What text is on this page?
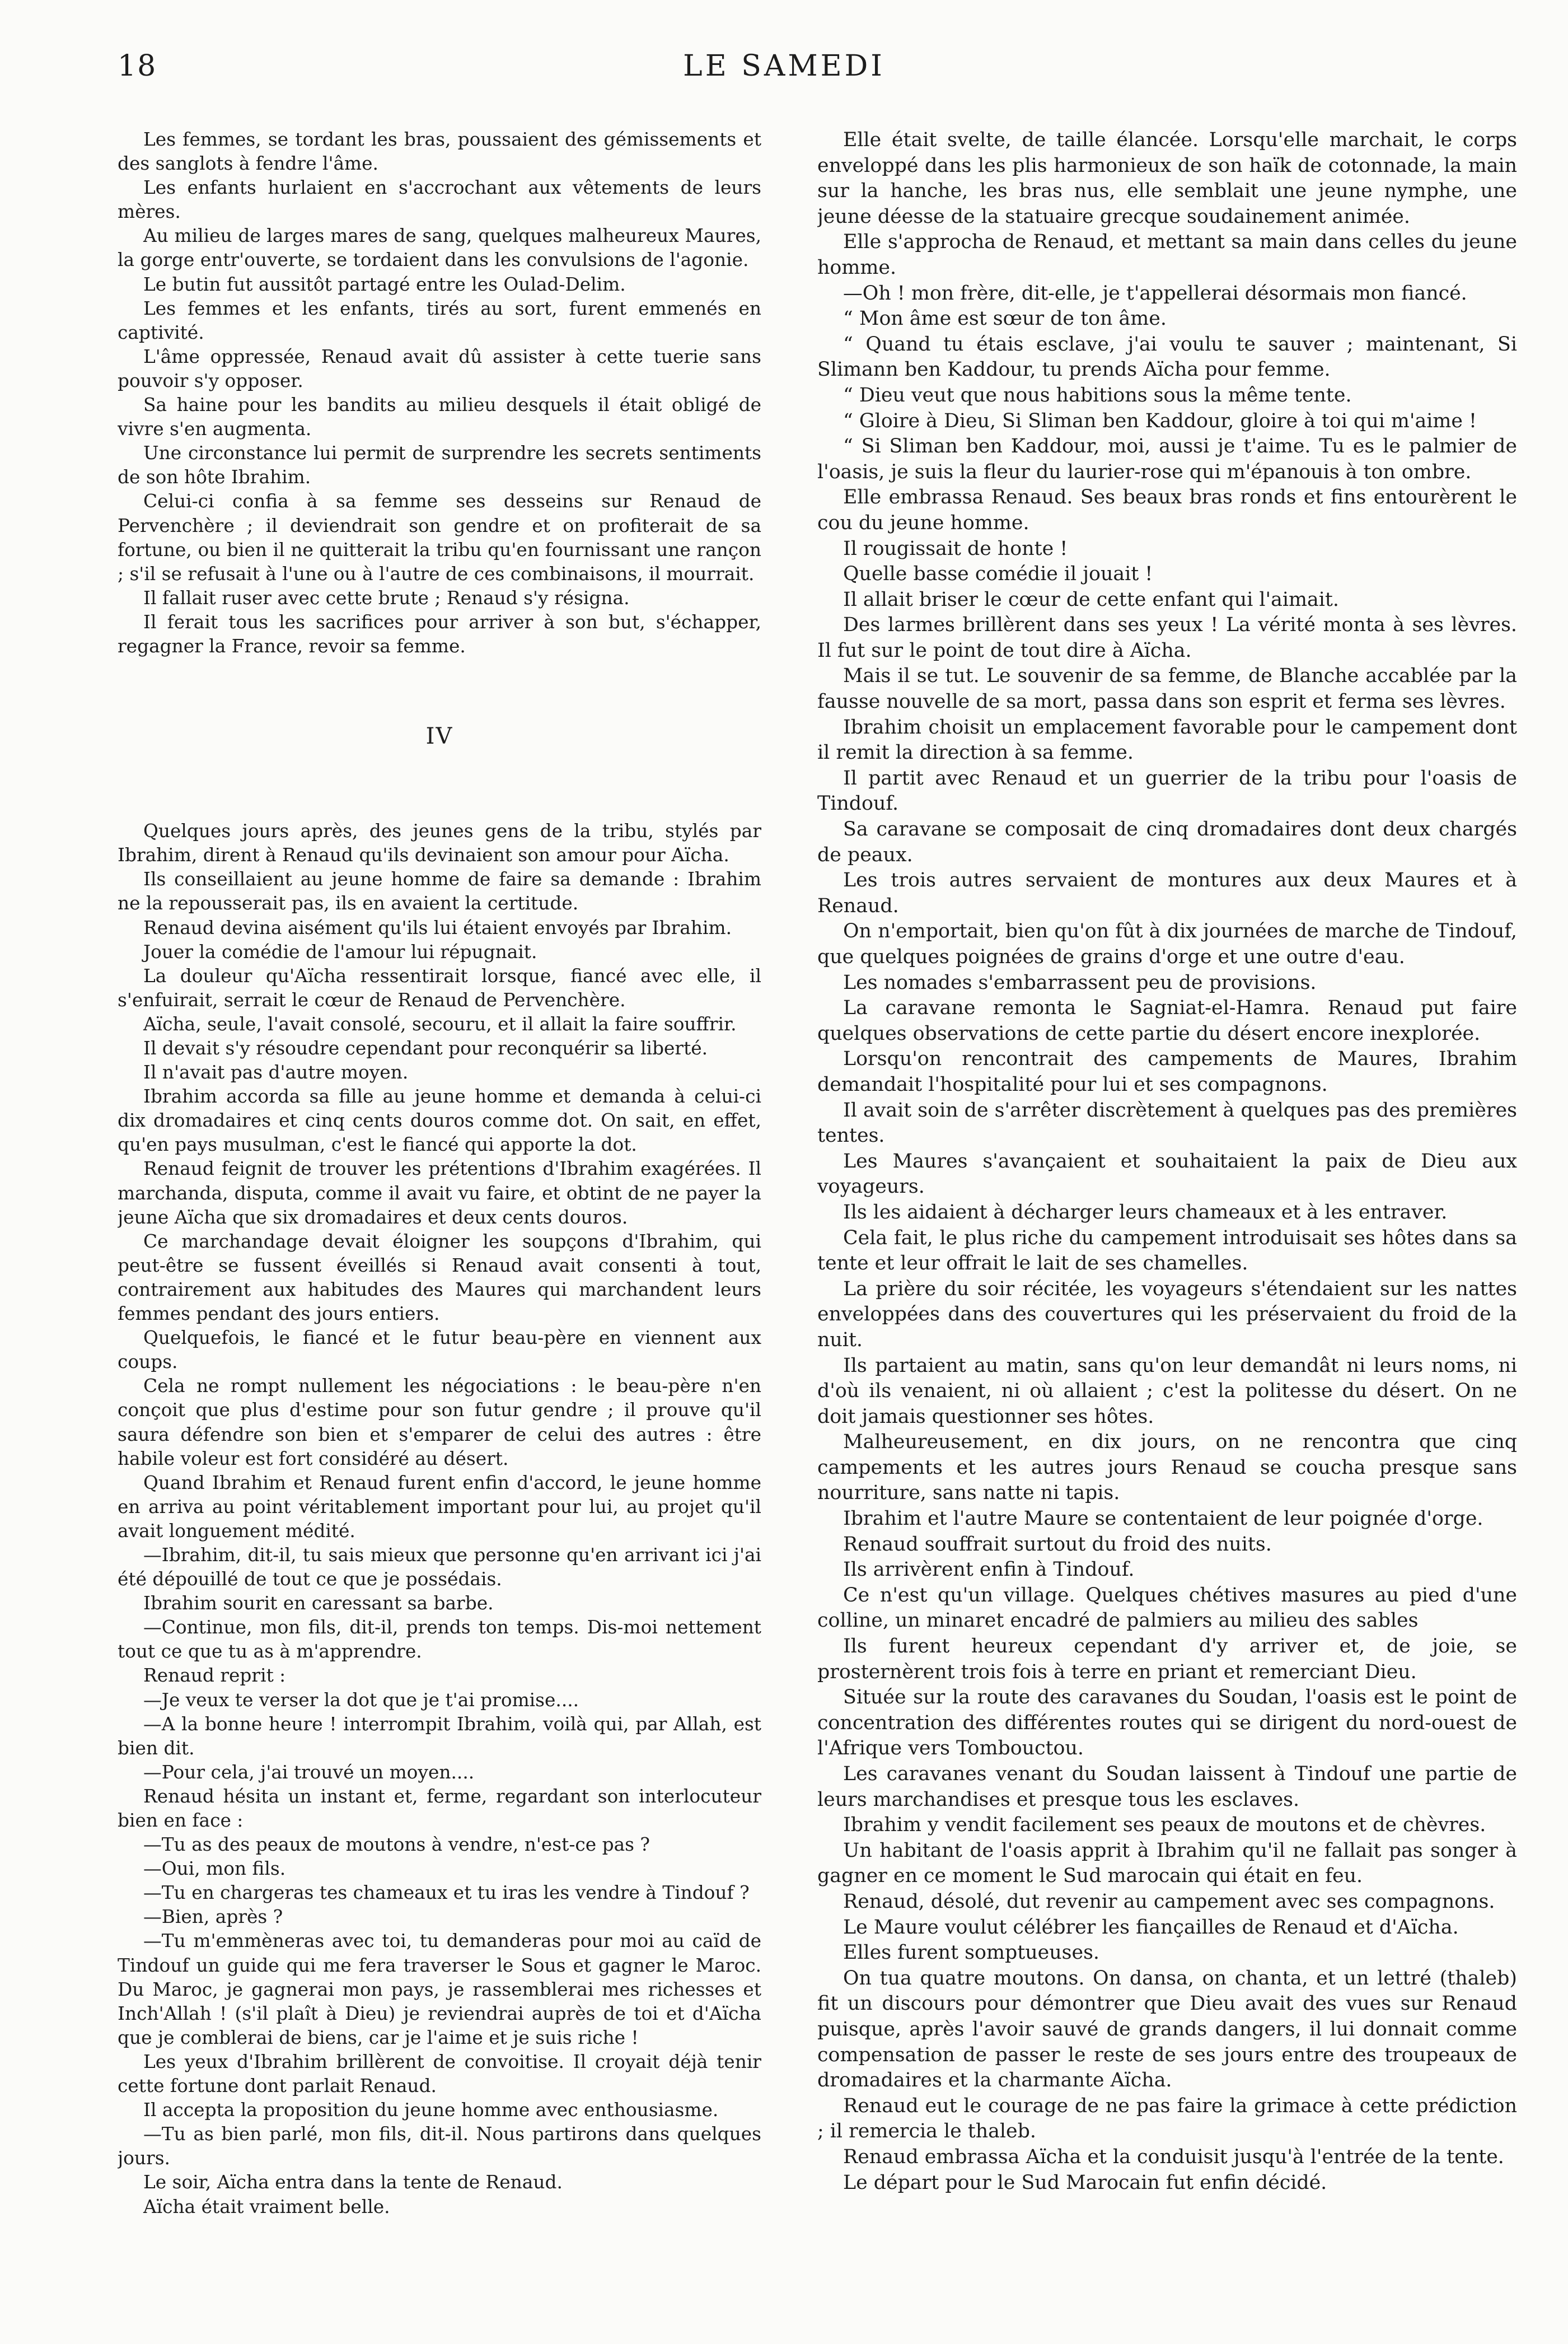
LE SAMEDI
18

Les femmes, se tordant les bras, poussaient des gémissements et des sanglots à fendre l'âme.

Les enfants hurlaient en s'accrochant aux vêtements de leurs mères.

Au milieu de larges mares de sang, quelques malheureux Maures, la gorge entr'ouverte, se tordaient dans les convulsions de l'agonie.

Le butin fut aussitôt partagé entre les Oulad-Delim.

Les femmes et les enfants, tirés au sort, furent emmenés en captivité.

L'âme oppressée, Renaud avait dû assister à cette tuerie sans pouvoir s'y opposer.

Sa haine pour les bandits au milieu desquels il était obligé de vivre s'en augmenta.

Une circonstance lui permit de surprendre les secrets sentiments de son hôte Ibrahim.

Celui-ci confia à sa femme ses desseins sur Renaud de Pervenchère ; il deviendrait son gendre et on profiterait de sa fortune, ou bien il ne quitterait la tribu qu'en fournissant une rançon ; s'il se refusait à l'une ou à l'autre de ces combinaisons, il mourrait.

Il fallait ruser avec cette brute ; Renaud s'y résigna.

Il ferait tous les sacrifices pour arriver à son but, s'échapper, regagner la France, revoir sa femme.

IV

Quelques jours après, des jeunes gens de la tribu, stylés par Ibrahim, dirent à Renaud qu'ils devinaient son amour pour Aïcha.

Ils conseillaient au jeune homme de faire sa demande : Ibrahim ne la repousserait pas, ils en avaient la certitude.

Renaud devina aisément qu'ils lui étaient envoyés par Ibrahim.

Jouer la comédie de l'amour lui répugnait.

La douleur qu'Aïcha ressentirait lorsque, fiancé avec elle, il s'enfuirait, serrait le cœur de Renaud de Pervenchère.

Aïcha, seule, l'avait consolé, secouru, et il allait la faire souffrir.

Il devait s'y résoudre cependant pour reconquérir sa liberté.

Il n'avait pas d'autre moyen.

Ibrahim accorda sa fille au jeune homme et demanda à celui-ci dix dromadaires et cinq cents douros comme dot. On sait, en effet, qu'en pays musulman, c'est le fiancé qui apporte la dot.

Renaud feignit de trouver les prétentions d'Ibrahim exagérées. Il marchanda, disputa, comme il avait vu faire, et obtint de ne payer la jeune Aïcha que six dromadaires et deux cents douros.

Ce marchandage devait éloigner les soupçons d'Ibrahim, qui peut-être se fussent éveillés si Renaud avait consenti à tout, contrairement aux habitudes des Maures qui marchandent leurs femmes pendant des jours entiers.

Quelquefois, le fiancé et le futur beau-père en viennent aux coups.

Cela ne rompt nullement les négociations : le beau-père n'en conçoit que plus d'estime pour son futur gendre ; il prouve qu'il saura défendre son bien et s'emparer de celui des autres : être habile voleur est fort considéré au désert.

Quand Ibrahim et Renaud furent enfin d'accord, le jeune homme en arriva au point véritablement important pour lui, au projet qu'il avait longuement médité.

—Ibrahim, dit-il, tu sais mieux que personne qu'en arrivant ici j'ai été dépouillé de tout ce que je possédais.

Ibrahim sourit en caressant sa barbe.

—Continue, mon fils, dit-il, prends ton temps. Dis-moi nettement tout ce que tu as à m'apprendre.

Renaud reprit :

—Je veux te verser la dot que je t'ai promise....

—A la bonne heure ! interrompit Ibrahim, voilà qui, par Allah, est bien dit.

—Pour cela, j'ai trouvé un moyen....

Renaud hésita un instant et, ferme, regardant son interlocuteur bien en face :

—Tu as des peaux de moutons à vendre, n'est-ce pas ?

—Oui, mon fils.

—Tu en chargeras tes chameaux et tu iras les vendre à Tindouf ?

—Bien, après ?

—Tu m'emmèneras avec toi, tu demanderas pour moi au caïd de Tindouf un guide qui me fera traverser le Sous et gagner le Maroc. Du Maroc, je gagnerai mon pays, je rassemblerai mes richesses et Inch'Allah ! (s'il plaît à Dieu) je reviendrai auprès de toi et d'Aïcha que je comblerai de biens, car je l'aime et je suis riche !

Les yeux d'Ibrahim brillèrent de convoitise. Il croyait déjà tenir cette fortune dont parlait Renaud.

Il accepta la proposition du jeune homme avec enthousiasme.

—Tu as bien parlé, mon fils, dit-il. Nous partirons dans quelques jours.

Le soir, Aïcha entra dans la tente de Renaud.

Aïcha était vraiment belle.

Elle était svelte, de taille élancée. Lorsqu'elle marchait, le corps enveloppé dans les plis harmonieux de son haïk de cotonnade, la main sur la hanche, les bras nus, elle semblait une jeune nymphe, une jeune déesse de la statuaire grecque soudainement animée.

Elle s'approcha de Renaud, et mettant sa main dans celles du jeune homme.

—Oh ! mon frère, dit-elle, je t'appellerai désormais mon fiancé.

“ Mon âme est sœur de ton âme.

“ Quand tu étais esclave, j'ai voulu te sauver ; maintenant, Si Slimann ben Kaddour, tu prends Aïcha pour femme.

“ Dieu veut que nous habitions sous la même tente.

“ Gloire à Dieu, Si Sliman ben Kaddour, gloire à toi qui m'aime !

“ Si Sliman ben Kaddour, moi, aussi je t'aime. Tu es le palmier de l'oasis, je suis la fleur du laurier-rose qui m'épanouis à ton ombre.

Elle embrassa Renaud. Ses beaux bras ronds et fins entourèrent le cou du jeune homme.

Il rougissait de honte !

Quelle basse comédie il jouait !

Il allait briser le cœur de cette enfant qui l'aimait.

Des larmes brillèrent dans ses yeux ! La vérité monta à ses lèvres. Il fut sur le point de tout dire à Aïcha.

Mais il se tut. Le souvenir de sa femme, de Blanche accablée par la fausse nouvelle de sa mort, passa dans son esprit et ferma ses lèvres.

Ibrahim choisit un emplacement favorable pour le campement dont il remit la direction à sa femme.

Il partit avec Renaud et un guerrier de la tribu pour l'oasis de Tindouf.

Sa caravane se composait de cinq dromadaires dont deux chargés de peaux.

Les trois autres servaient de montures aux deux Maures et à Renaud.

On n'emportait, bien qu'on fût à dix journées de marche de Tindouf, que quelques poignées de grains d'orge et une outre d'eau.

Les nomades s'embarrassent peu de provisions.

La caravane remonta le Sagniat-el-Hamra. Renaud put faire quelques observations de cette partie du désert encore inexplorée.

Lorsqu'on rencontrait des campements de Maures, Ibrahim demandait l'hospitalité pour lui et ses compagnons.

Il avait soin de s'arrêter discrètement à quelques pas des premières tentes.

Les Maures s'avançaient et souhaitaient la paix de Dieu aux voyageurs.

Ils les aidaient à décharger leurs chameaux et à les entraver.

Cela fait, le plus riche du campement introduisait ses hôtes dans sa tente et leur offrait le lait de ses chamelles.

La prière du soir récitée, les voyageurs s'étendaient sur les nattes enveloppées dans des couvertures qui les préservaient du froid de la nuit.

Ils partaient au matin, sans qu'on leur demandât ni leurs noms, ni d'où ils venaient, ni où allaient ; c'est la politesse du désert. On ne doit jamais questionner ses hôtes.

Malheureusement, en dix jours, on ne rencontra que cinq campements et les autres jours Renaud se coucha presque sans nourriture, sans natte ni tapis.

Ibrahim et l'autre Maure se contentaient de leur poignée d'orge.

Renaud souffrait surtout du froid des nuits.

Ils arrivèrent enfin à Tindouf.

Ce n'est qu'un village. Quelques chétives masures au pied d'une colline, un minaret encadré de palmiers au milieu des sables

Ils furent heureux cependant d'y arriver et, de joie, se prosternèrent trois fois à terre en priant et remerciant Dieu.

Située sur la route des caravanes du Soudan, l'oasis est le point de concentration des différentes routes qui se dirigent du nord-ouest de l'Afrique vers Tombouctou.

Les caravanes venant du Soudan laissent à Tindouf une partie de leurs marchandises et presque tous les esclaves.

Ibrahim y vendit facilement ses peaux de moutons et de chèvres.

Un habitant de l'oasis apprit à Ibrahim qu'il ne fallait pas songer à gagner en ce moment le Sud marocain qui était en feu.

Renaud, désolé, dut revenir au campement avec ses compagnons.

Le Maure voulut célébrer les fiançailles de Renaud et d'Aïcha.

Elles furent somptueuses.

On tua quatre moutons. On dansa, on chanta, et un lettré (thaleb) fit un discours pour démontrer que Dieu avait des vues sur Renaud puisque, après l'avoir sauvé de grands dangers, il lui donnait comme compensation de passer le reste de ses jours entre des troupeaux de dromadaires et la charmante Aïcha.

Renaud eut le courage de ne pas faire la grimace à cette prédiction ; il remercia le thaleb.

Renaud embrassa Aïcha et la conduisit jusqu'à l'entrée de la tente.

Le départ pour le Sud Marocain fut enfin décidé.
